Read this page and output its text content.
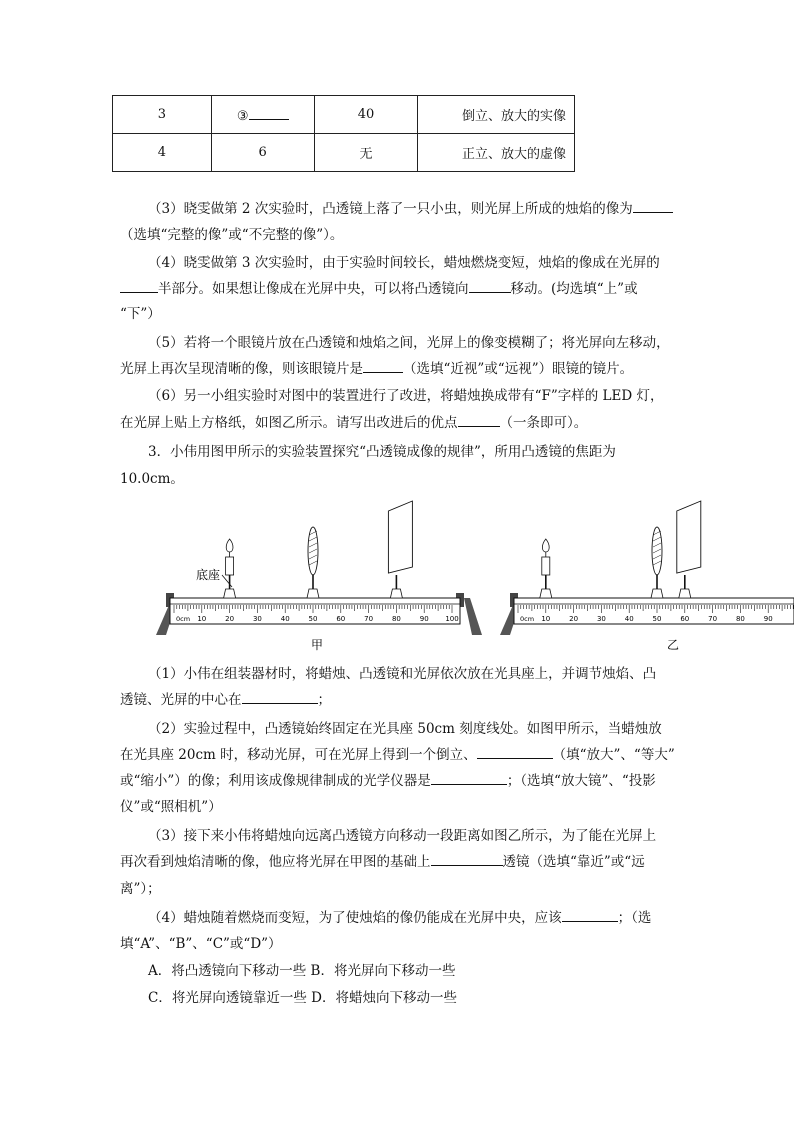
3	③	40	倒立、放大的实像
4	6	无	正立、放大的虚像
（3）晓雯做第 2 次实验时，凸透镜上落了一只小虫，则光屏上所成的烛焰的像为
（选填“完整的像”或“不完整的像”）。
（4）晓雯做第 3 次实验时，由于实验时间较长，蜡烛燃烧变短，烛焰的像成在光屏的
半部分。如果想让像成在光屏中央，可以将凸透镜向	移动。(均选填“上”或
“下”）
（5）若将一个眼镜片放在凸透镜和烛焰之间，光屏上的像变模糊了；将光屏向左移动，
光屏上再次呈现清晰的像，则该眼镜片是	（选填“近视”或“远视”）眼镜的镜片。
（6）另一小组实验时对图中的装置进行了改进，将蜡烛换成带有“F”字样的 LED 灯，
在光屏上贴上方格纸，如图乙所示。请写出改进后的优点	（一条即可）。
3．小伟用图甲所示的实验装置探究“凸透镜成像的规律”，所用凸透镜的焦距为
10.0cm。
0cm 10	20	30	40	50	60	70	80	90 100	0cm 10	20	30	40	50	60	70	80	90
底座
甲	乙
（1）小伟在组装器材时，将蜡烛、凸透镜和光屏依次放在光具座上，并调节烛焰、凸
透镜、光屏的中心在	；
（2）实验过程中，凸透镜始终固定在光具座 50cm 刻度线处。如图甲所示，当蜡烛放
在光具座 20cm 时，移动光屏，可在光屏上得到一个倒立、	（填“放大”、“等大”
或“缩小”）的像；利用该成像规律制成的光学仪器是	；（选填“放大镜”、“投影
仪”或“照相机”）
（3）接下来小伟将蜡烛向远离凸透镜方向移动一段距离如图乙所示，为了能在光屏上
再次看到烛焰清晰的像，他应将光屏在甲图的基础上	透镜（选填“靠近”或“远
离”）；
（4）蜡烛随着燃烧而变短，为了使烛焰的像仍能成在光屏中央，应该	；（选
填“A”、“B”、“C”或“D”）
A．将凸透镜向下移动一些 B．将光屏向下移动一些
C．将光屏向透镜靠近一些 D．将蜡烛向下移动一些
